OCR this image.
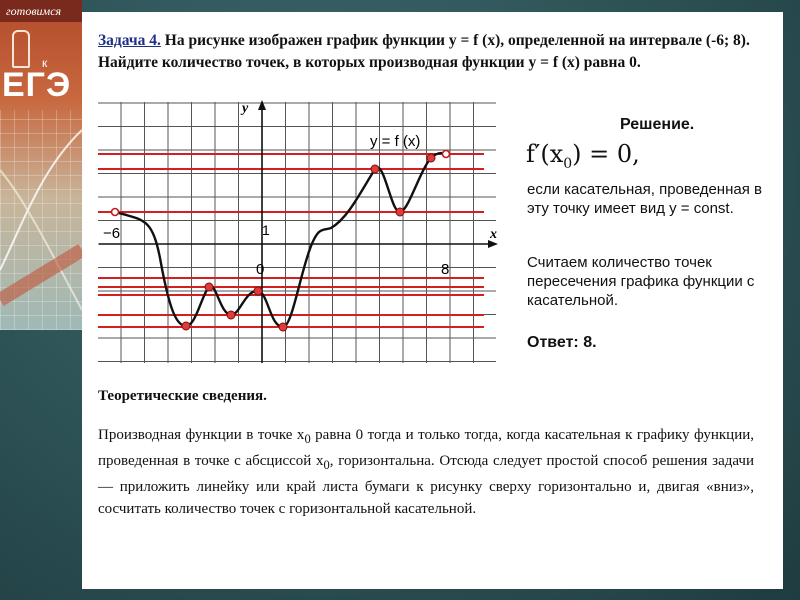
готовимся
к
ЕГЭ
Задача 4. На рисунке изображен график функции y = f (x), определенной на интервале (-6; 8). Найдите количество точек, в которых производная функции y = f (x) равна 0.
y
x
y = f (x)
−6	1
0	8
Решение.
$f'(x_0) = 0$,
если касательная, проведенная в эту точку имеет вид y = const.
Считаем количество точек пересечения графика функции с касательной.
Ответ: 8.
Теоретические сведения.
Производная функции в точке $x_0$ равна 0 тогда и только тогда, когда касательная к графику функции, проведенная в точке с абсциссой $x_0$, горизонтальна. Отсюда следует простой способ решения задачи — приложить линейку или край листа бумаги к рисунку сверху горизонтально и, двигая «вниз», сосчитать количество точек с горизонтальной касательной.
